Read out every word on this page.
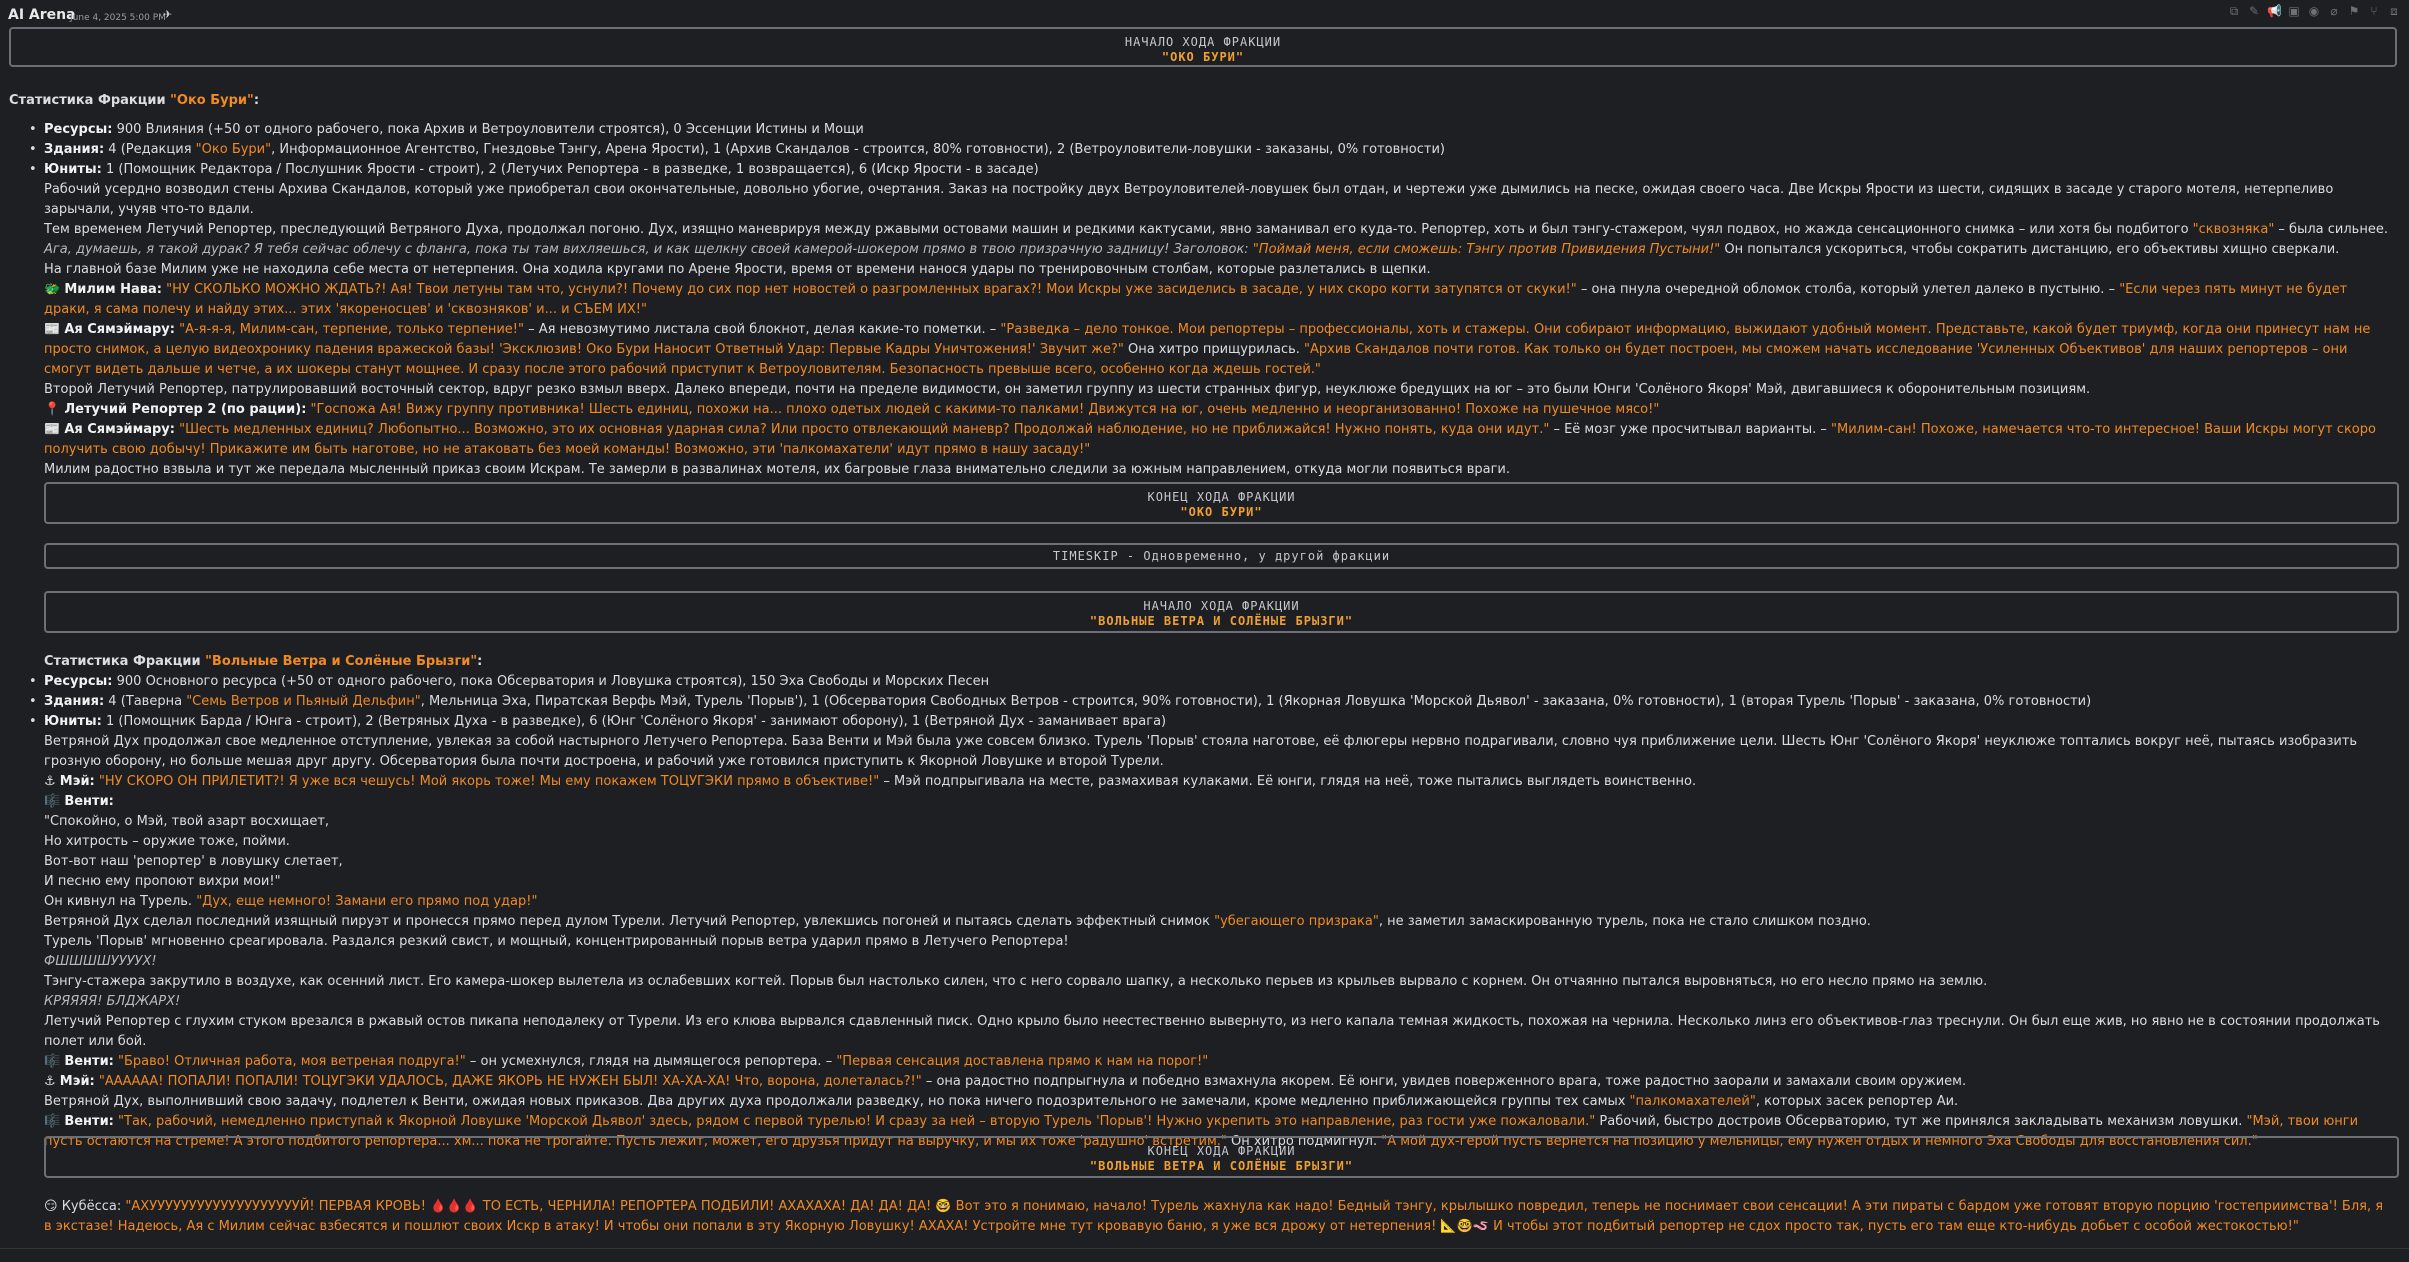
AI Arena
June 4, 2025 5:00 PM
✈	⧉ ✎ 📢 ▣ ◉ ⌀ ⚑ ⑂ ⧈
НАЧАЛО ХОДА ФРАКЦИИ
"ОКО БУРИ"
Статистика Фракции "Око Бури":
• Ресурсы: 900 Влияния (+50 от одного рабочего, пока Архив и Ветроуловители строятся), 0 Эссенции Истины и Мощи
• Здания: 4 (Редакция "Око Бури", Информационное Агентство, Гнездовье Тэнгу, Арена Ярости), 1 (Архив Скандалов - строится, 80% готовности), 2 (Ветроуловители-ловушки - заказаны, 0% готовности)
• Юниты: 1 (Помощник Редактора / Послушник Ярости - строит), 2 (Летучих Репортера - в разведке, 1 возвращается), 6 (Искр Ярости - в засаде)
Рабочий усердно возводил стены Архива Скандалов, который уже приобретал свои окончательные, довольно убогие, очертания. Заказ на постройку двух Ветроуловителей-ловушек был отдан, и чертежи уже дымились на песке, ожидая своего часа. Две Искры Ярости из шести, сидящих в засаде у старого мотеля, нетерпеливо зарычали, учуяв что-то вдали.
Тем временем Летучий Репортер, преследующий Ветряного Духа, продолжал погоню. Дух, изящно маневрируя между ржавыми остовами машин и редкими кактусами, явно заманивал его куда-то. Репортер, хоть и был тэнгу-стажером, чуял подвох, но жажда сенсационного снимка – или хотя бы подбитого "сквозняка" – была сильнее. Ага, думаешь, я такой дурак? Я тебя сейчас облечу с фланга, пока ты там вихляешься, и как щелкну своей камерой-шокером прямо в твою призрачную задницу! Заголовок: "Поймай меня, если сможешь: Тэнгу против Привидения Пустыни!" Он попытался ускориться, чтобы сократить дистанцию, его объективы хищно сверкали.
На главной базе Милим уже не находила себе места от нетерпения. Она ходила кругами по Арене Ярости, время от времени нанося удары по тренировочным столбам, которые разлетались в щепки.
🐲 Милим Нава: "НУ СКОЛЬКО МОЖНО ЖДАТЬ?! Ая! Твои летуны там что, уснули?! Почему до сих пор нет новостей о разгромленных врагах?! Мои Искры уже засиделись в засаде, у них скоро когти затупятся от скуки!" – она пнула очередной обломок столба, который улетел далеко в пустыню. – "Если через пять минут не будет драки, я сама полечу и найду этих... этих 'якореносцев' и 'сквозняков' и... и СЪЕМ ИХ!"
📰 Ая Сямэймару: "А-я-я-я, Милим-сан, терпение, только терпение!" – Ая невозмутимо листала свой блокнот, делая какие-то пометки. – "Разведка – дело тонкое. Мои репортеры – профессионалы, хоть и стажеры. Они собирают информацию, выжидают удобный момент. Представьте, какой будет триумф, когда они принесут нам не просто снимок, а целую видеохронику падения вражеской базы! 'Эксклюзив! Око Бури Наносит Ответный Удар: Первые Кадры Уничтожения!' Звучит же?" Она хитро прищурилась. "Архив Скандалов почти готов. Как только он будет построен, мы сможем начать исследование 'Усиленных Объективов' для наших репортеров – они смогут видеть дальше и четче, а их шокеры станут мощнее. И сразу после этого рабочий приступит к Ветроуловителям. Безопасность превыше всего, особенно когда ждешь гостей."
Второй Летучий Репортер, патрулировавший восточный сектор, вдруг резко взмыл вверх. Далеко впереди, почти на пределе видимости, он заметил группу из шести странных фигур, неуклюже бредущих на юг – это были Юнги 'Солёного Якоря' Мэй, двигавшиеся к оборонительным позициям.
📍 Летучий Репортер 2 (по рации): "Госпожа Ая! Вижу группу противника! Шесть единиц, похожи на... плохо одетых людей с какими-то палками! Движутся на юг, очень медленно и неорганизованно! Похоже на пушечное мясо!"
📰 Ая Сямэймару: "Шесть медленных единиц? Любопытно... Возможно, это их основная ударная сила? Или просто отвлекающий маневр? Продолжай наблюдение, но не приближайся! Нужно понять, куда они идут." – Её мозг уже просчитывал варианты. – "Милим-сан! Похоже, намечается что-то интересное! Ваши Искры могут скоро получить свою добычу! Прикажите им быть наготове, но не атаковать без моей команды! Возможно, эти 'палкомахатели' идут прямо в нашу засаду!"
Милим радостно взвыла и тут же передала мысленный приказ своим Искрам. Те замерли в развалинах мотеля, их багровые глаза внимательно следили за южным направлением, откуда могли появиться враги.
КОНЕЦ ХОДА ФРАКЦИИ
"ОКО БУРИ"
TIMESKIP - Одновременно, у другой фракции
НАЧАЛО ХОДА ФРАКЦИИ
"ВОЛЬНЫЕ ВЕТРА И СОЛЁНЫЕ БРЫЗГИ"
Статистика Фракции "Вольные Ветра и Солёные Брызги":
• Ресурсы: 900 Основного ресурса (+50 от одного рабочего, пока Обсерватория и Ловушка строятся), 150 Эха Свободы и Морских Песен
• Здания: 4 (Таверна "Семь Ветров и Пьяный Дельфин", Мельница Эха, Пиратская Верфь Мэй, Турель 'Порыв'), 1 (Обсерватория Свободных Ветров - строится, 90% готовности), 1 (Якорная Ловушка 'Морской Дьявол' - заказана, 0% готовности), 1 (вторая Турель 'Порыв' - заказана, 0% готовности)
• Юниты: 1 (Помощник Барда / Юнга - строит), 2 (Ветряных Духа - в разведке), 6 (Юнг 'Солёного Якоря' - занимают оборону), 1 (Ветряной Дух - заманивает врага)
Ветряной Дух продолжал свое медленное отступление, увлекая за собой настырного Летучего Репортера. База Венти и Мэй была уже совсем близко. Турель 'Порыв' стояла наготове, её флюгеры нервно подрагивали, словно чуя приближение цели. Шесть Юнг 'Солёного Якоря' неуклюже топтались вокруг неё, пытаясь изобразить грозную оборону, но больше мешая друг другу. Обсерватория была почти достроена, и рабочий уже готовился приступить к Якорной Ловушке и второй Турели.
⚓ Мэй: "НУ СКОРО ОН ПРИЛЕТИТ?! Я уже вся чешусь! Мой якорь тоже! Мы ему покажем ТОЦУГЭКИ прямо в объективе!" – Мэй подпрыгивала на месте, размахивая кулаками. Её юнги, глядя на неё, тоже пытались выглядеть воинственно.
🎼 Венти:
"Спокойно, о Мэй, твой азарт восхищает,
Но хитрость – оружие тоже, пойми.
Вот-вот наш 'репортер' в ловушку слетает,
И песню ему пропоют вихри мои!"
Он кивнул на Турель. "Дух, еще немного! Замани его прямо под удар!"
Ветряной Дух сделал последний изящный пируэт и пронесся прямо перед дулом Турели. Летучий Репортер, увлекшись погоней и пытаясь сделать эффектный снимок "убегающего призрака", не заметил замаскированную турель, пока не стало слишком поздно.
Турель 'Порыв' мгновенно среагировала. Раздался резкий свист, и мощный, концентрированный порыв ветра ударил прямо в Летучего Репортера!
ФШШШШУУУУХ!
Тэнгу-стажера закрутило в воздухе, как осенний лист. Его камера-шокер вылетела из ослабевших когтей. Порыв был настолько силен, что с него сорвало шапку, а несколько перьев из крыльев вырвало с корнем. Он отчаянно пытался выровняться, но его несло прямо на землю.
КРЯЯЯЯ! БЛДЖАРХ!
Летучий Репортер с глухим стуком врезался в ржавый остов пикапа неподалеку от Турели. Из его клюва вырвался сдавленный писк. Одно крыло было неестественно вывернуто, из него капала темная жидкость, похожая на чернила. Несколько линз его объективов-глаз треснули. Он был еще жив, но явно не в состоянии продолжать полет или бой.
🎼 Венти: "Браво! Отличная работа, моя ветреная подруга!" – он усмехнулся, глядя на дымящегося репортера. – "Первая сенсация доставлена прямо к нам на порог!"
⚓ Мэй: "АААААА! ПОПАЛИ! ПОПАЛИ! ТОЦУГЭКИ УДАЛОСЬ, ДАЖЕ ЯКОРЬ НЕ НУЖЕН БЫЛ! ХА-ХА-ХА! Что, ворона, долеталась?!" – она радостно подпрыгнула и победно взмахнула якорем. Её юнги, увидев поверженного врага, тоже радостно заорали и замахали своим оружием.
Ветряной Дух, выполнивший свою задачу, подлетел к Венти, ожидая новых приказов. Два других духа продолжали разведку, но пока ничего подозрительного не замечали, кроме медленно приближающейся группы тех самых "палкомахателей", которых засек репортер Аи.
🎼 Венти: "Так, рабочий, немедленно приступай к Якорной Ловушке 'Морской Дьявол' здесь, рядом с первой турелью! И сразу за ней – вторую Турель 'Порыв'! Нужно укрепить это направление, раз гости уже пожаловали." Рабочий, быстро достроив Обсерваторию, тут же принялся закладывать механизм ловушки. "Мэй, твои юнги пусть остаются на стреме! А этого подбитого репортера... хм... пока не трогайте. Пусть лежит, может, его друзья придут на выручку, и мы их тоже 'радушно' встретим." Он хитро подмигнул. "А мой дух-герой пусть вернется на позицию у мельницы, ему нужен отдых и немного Эха Свободы для восстановления сил."
КОНЕЦ ХОДА ФРАКЦИИ
"ВОЛЬНЫЕ ВЕТРА И СОЛЁНЫЕ БРЫЗГИ"
😏 Кубёсса: "АХУУУУУУУУУУУУУУУУУУУЙ! ПЕРВАЯ КРОВЬ! 🩸🩸🩸 ТО ЕСТЬ, ЧЕРНИЛА! РЕПОРТЕРА ПОДБИЛИ! АХАХАХА! ДА! ДА! ДА! 🤓 Вот это я понимаю, начало! Турель жахнула как надо! Бедный тэнгу, крылышко повредил, теперь не поснимает свои сенсации! А эти пираты с бардом уже готовят вторую порцию 'гостеприимства'! Бля, я в экстазе! Надеюсь, Ая с Милим сейчас взбесятся и пошлют своих Искр в атаку! И чтобы они попали в эту Якорную Ловушку! АХАХА! Устройте мне тут кровавую баню, я уже вся дрожу от нетерпения! 📐🤓🪱 И чтобы этот подбитый репортер не сдох просто так, пусть его там еще кто-нибудь добьет с особой жестокостью!"
